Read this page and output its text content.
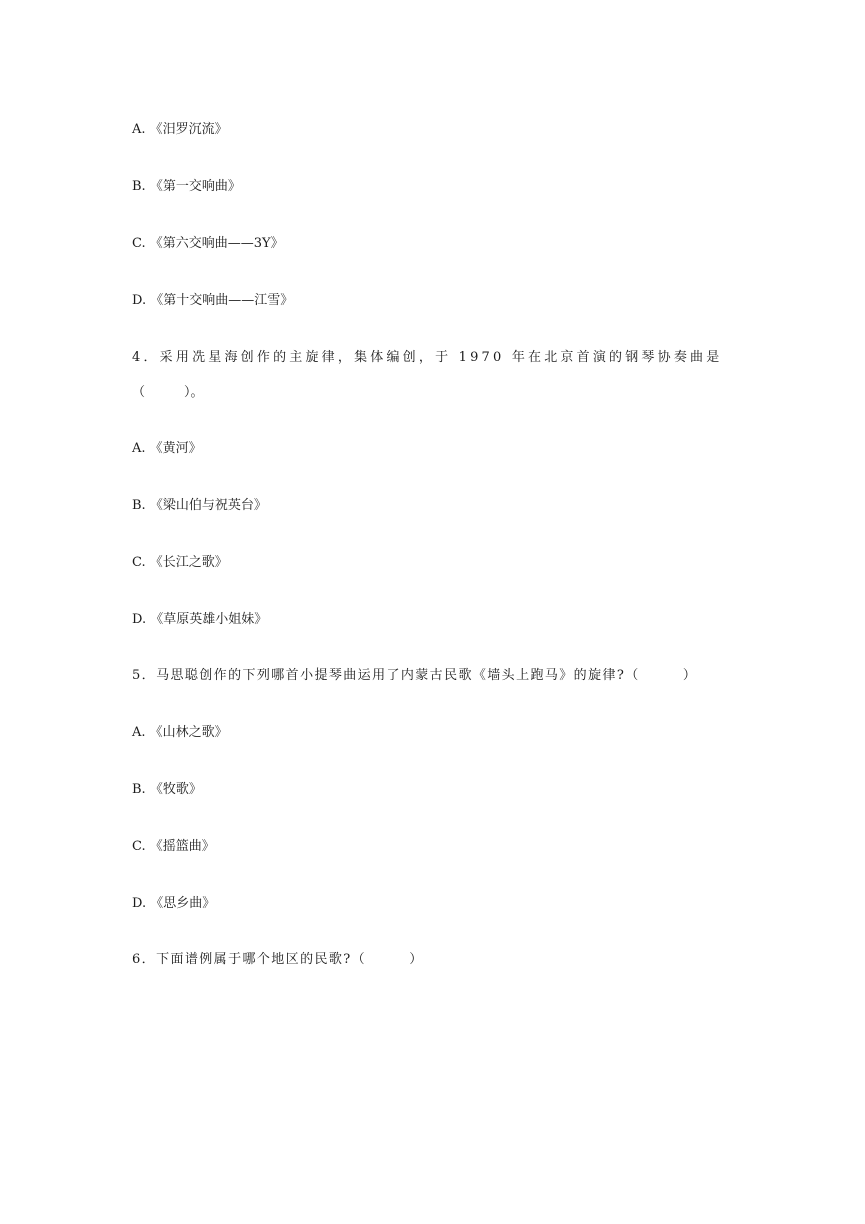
A. 《汨罗沉流》
B. 《第一交响曲》
C. 《第六交响曲——3Y》
D. 《第十交响曲——江雪》
4．采用冼星海创作的主旋律，集体编创，于 1970 年在北京首演的钢琴协奏曲是
（　　　）。
A. 《黄河》
B. 《梁山伯与祝英台》
C. 《长江之歌》
D. 《草原英雄小姐妹》
5．马思聪创作的下列哪首小提琴曲运用了内蒙古民歌《墙头上跑马》的旋律?（　　　）
A. 《山林之歌》
B. 《牧歌》
C. 《摇篮曲》
D. 《思乡曲》
6．下面谱例属于哪个地区的民歌?（　　　）
